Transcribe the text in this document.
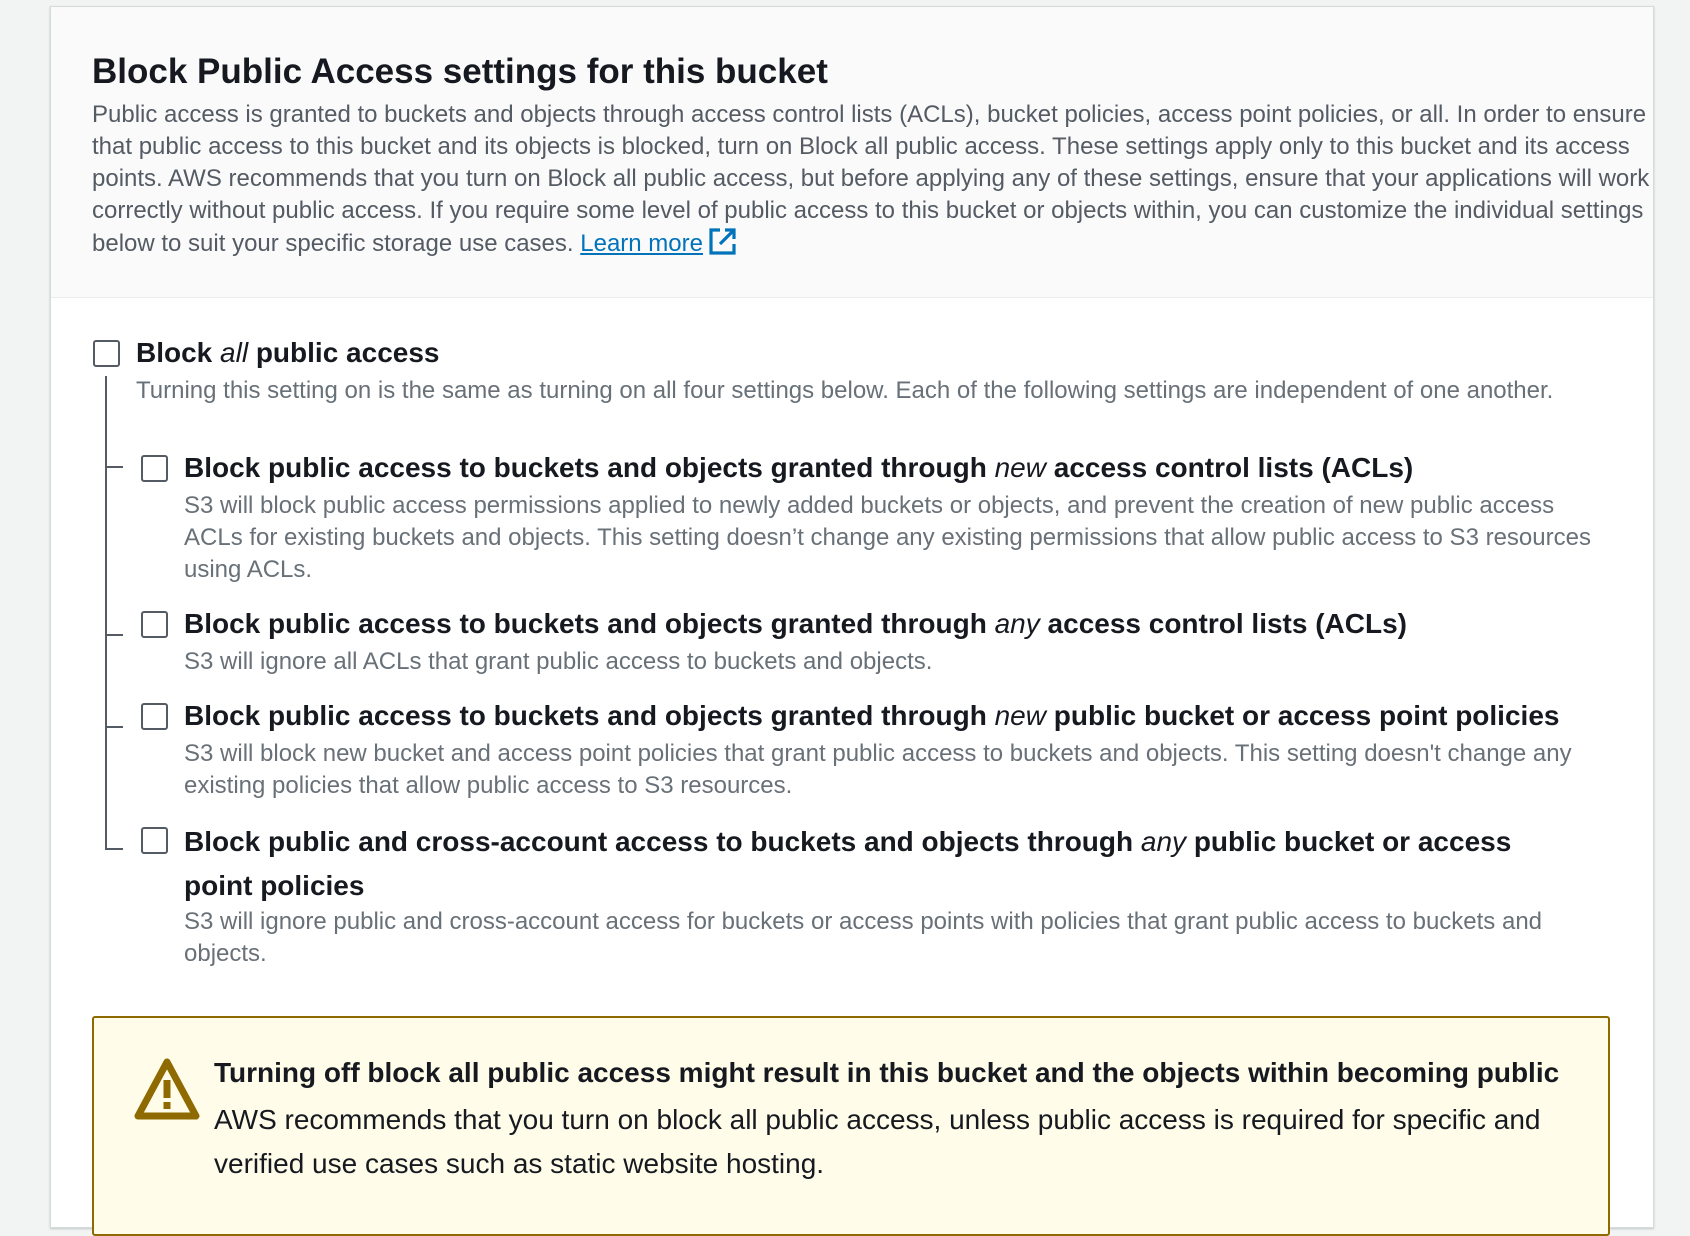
Block Public Access settings for this bucket

Public access is granted to buckets and objects through access control lists (ACLs), bucket policies, access point policies, or all. In order to ensure that public access to this bucket and its objects is blocked, turn on Block all public access. These settings apply only to this bucket and its access points. AWS recommends that you turn on Block all public access, but before applying any of these settings, ensure that your applications will work correctly without public access. If you require some level of public access to this bucket or objects within, you can customize the individual settings below to suit your specific storage use cases. Learn more

Block all public access

Turning this setting on is the same as turning on all four settings below. Each of the following settings are independent of one another.

Block public access to buckets and objects granted through new access control lists (ACLs)

S3 will block public access permissions applied to newly added buckets or objects, and prevent the creation of new public access ACLs for existing buckets and objects. This setting doesn’t change any existing permissions that allow public access to S3 resources using ACLs.

Block public access to buckets and objects granted through any access control lists (ACLs)

S3 will ignore all ACLs that grant public access to buckets and objects.

Block public access to buckets and objects granted through new public bucket or access point policies

S3 will block new bucket and access point policies that grant public access to buckets and objects. This setting doesn't change any existing policies that allow public access to S3 resources.

Block public and cross-account access to buckets and objects through any public bucket or access point policies

S3 will ignore public and cross-account access for buckets or access points with policies that grant public access to buckets and objects.

Turning off block all public access might result in this bucket and the objects within becoming public

AWS recommends that you turn on block all public access, unless public access is required for specific and verified use cases such as static website hosting.
